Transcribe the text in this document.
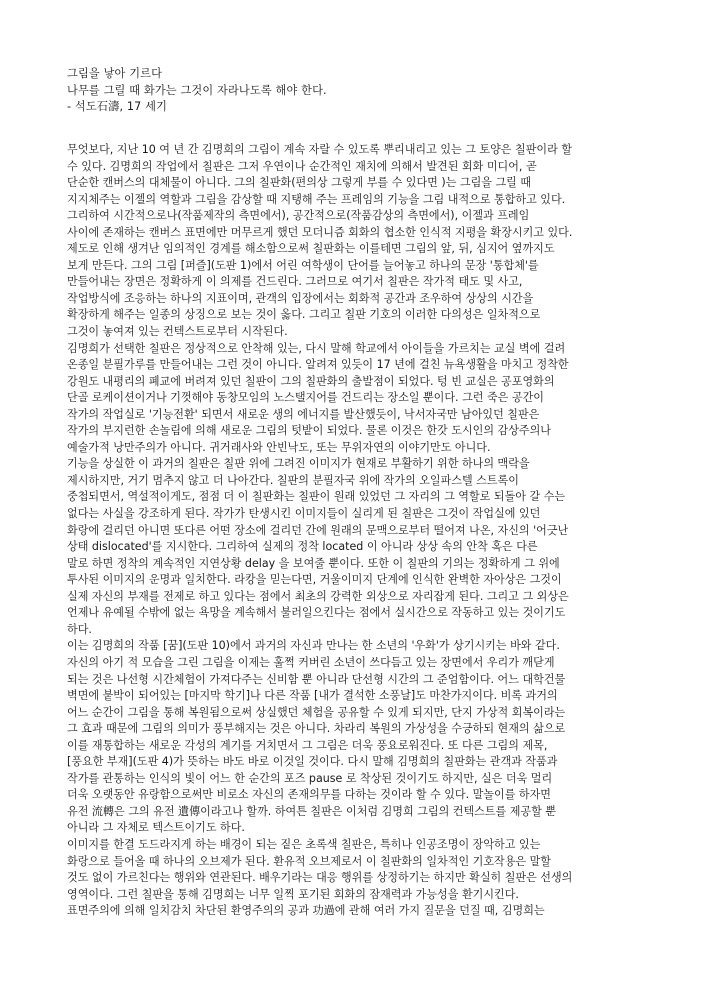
그림을 낳아 기르다
나무를 그릴 때 화가는 그것이 자라나도록 해야 한다.
- 석도石濤, 17 세기
무엇보다, 지난 10 여 년 간 김명희의 그림이 계속 자랄 수 있도록 뿌리내리고 있는 그 토양은 칠판이라 할
수 있다. 김명희의 작업에서 칠판은 그저 우연이나 순간적인 재치에 의해서 발견된 회화 미디어, 곧
단순한 캔버스의 대체물이 아니다. 그의 칠판화(편의상 그렇게 부를 수 있다면 )는 그림을 그릴 때
지지체주는 이젤의 역할과 그림을 감상할 때 지탱해 주는 프레임의 기능을 그림 내적으로 통합하고 있다.
그리하여 시간적으로나(작품제작의 측면에서), 공간적으로(작품감상의 측면에서), 이젤과 프레임
사이에 존재하는 캔버스 표면에만 머무르게 했던 모더니즘 회화의 협소한 인식적 지평을 확장시키고 있다.
제도로 인해 생겨난 임의적인 경계를 해소함으로써 칠판화는 이를테면 그림의 앞, 뒤, 심지어 옆까지도
보게 만든다. 그의 그림 [퍼즐](도판 1)에서 어린 여학생이 단어를 늘어놓고 하나의 문장 '통합체'를
만들어내는 장면은 정확하게 이 의제를 건드린다. 그러므로 여기서 칠판은 작가적 태도 및 사고,
작업방식에 조응하는 하나의 지표이며, 관객의 입장에서는 회화적 공간과 조우하여 상상의 시간을
확장하게 해주는 일종의 상징으로 보는 것이 옳다. 그리고 칠판 기호의 이러한 다의성은 일차적으로
그것이 놓여져 있는 컨텍스트로부터 시작된다.
김명희가 선택한 칠판은 정상적으로 안착해 있는, 다시 말해 학교에서 아이들을 가르치는 교실 벽에 걸려
온종일 분필가루를 만들어내는 그런 것이 아니다. 알려져 있듯이 17 년에 걸친 뉴욕생활을 마치고 정착한
강원도 내평리의 폐교에 버려져 있던 칠판이 그의 칠판화의 출발점이 되었다. 텅 빈 교실은 공포영화의
단골 로케이션이거나 기껏해야 동창모임의 노스탤지어를 건드리는 장소일 뿐이다. 그런 죽은 공간이
작가의 작업실로 '기능전환' 되면서 새로운 생의 에너지를 발산했듯이, 낙서자국만 남아있던 칠판은
작가의 부지런한 손놀림에 의해 새로운 그림의 텃밭이 되었다. 물론 이것은 한갓 도시인의 감상주의나
예술가적 낭만주의가 아니다. 귀거래사와 안빈낙도, 또는 무위자연의 이야기만도 아니다.
기능을 상실한 이 과거의 칠판은 칠판 위에 그려진 이미지가 현재로 부활하기 위한 하나의 맥락을
제시하지만, 거기 멈추지 않고 더 나아간다. 칠판의 분필자국 위에 작가의 오일파스텔 스트록이
중첩되면서, 역설적이게도, 점점 더 이 칠판화는 칠판이 원래 있었던 그 자리의 그 역할로 되돌아 갈 수는
없다는 사실을 강조하게 된다. 작가가 탄생시킨 이미지들이 실리게 된 칠판은 그것이 작업실에 있던
화랑에 걸리던 아니면 또다른 어떤 장소에 걸리던 간에 원래의 문맥으로부터 떨어져 나온, 자신의 '어긋난
상태 dislocated'를 지시한다. 그리하여 실제의 정착 located 이 아니라 상상 속의 안착 혹은 다른
말로 하면 정착의 계속적인 지연상황 delay 을 보여줄 뿐이다. 또한 이 칠판의 기의는 정확하게 그 위에
투사된 이미지의 운명과 일치한다. 라캉을 믿는다면, 거울이미지 단계에 인식한 완벽한 자아상은 그것이
실제 자신의 부재를 전제로 하고 있다는 점에서 최초의 강력한 외상으로 자리잡게 된다. 그리고 그 외상은
언제나 유예될 수밖에 없는 욕망을 계속해서 불러일으킨다는 점에서 실시간으로 작동하고 있는 것이기도
하다.
이는 김명희의 작품 [꿈](도판 10)에서 과거의 자신과 만나는 한 소년의 '우화'가 상기시키는 바와 같다.
자신의 아기 적 모습을 그린 그림을 이제는 훌쩍 커버린 소년이 쓰다듬고 있는 장면에서 우리가 깨닫게
되는 것은 나선형 시간체험이 가져다주는 신비함 뿐 아니라 단선형 시간의 그 준엄함이다. 어느 대학건물
벽면에 붙박이 되어있는 [마지막 학기]나 다른 작품 [내가 결석한 소풍날]도 마찬가지이다. 비록 과거의
어느 순간이 그림을 통해 복원됨으로써 상실했던 체험을 공유할 수 있게 되지만, 단지 가상적 회복이라는
그 효과 때문에 그림의 의미가 풍부해지는 것은 아니다. 차라리 복원의 가상성을 수긍하되 현재의 삶으로
이를 재통합하는 새로운 각성의 계기를 거치면서 그 그림은 더욱 풍요로워진다. 또 다른 그림의 제목,
[풍요한 부재](도판 4)가 뜻하는 바도 바로 이것일 것이다. 다시 말해 김명희의 칠판화는 관객과 작품과
작가를 관통하는 인식의 빛이 어느 한 순간의 포즈 pause 로 착상된 것이기도 하지만, 실은 더욱 멀리
더욱 오랫동안 유랑함으로써만 비로소 자신의 존재의무를 다하는 것이라 할 수 있다. 말놀이를 하자면
유전 流轉은 그의 유전 遺傳이라고나 할까. 하여튼 칠판은 이처럼 김명희 그림의 컨텍스트를 제공할 뿐
아니라 그 자체로 텍스트이기도 하다.
이미지를 한결 도드라지게 하는 배경이 되는 짙은 초록색 칠판은, 특히나 인공조명이 장악하고 있는
화랑으로 들어올 때 하나의 오브제가 된다. 환유적 오브제로서 이 칠판화의 일차적인 기호작용은 말할
것도 없이 가르친다는 행위와 연관된다. 배우기라는 대응 행위를 상정하기는 하지만 확실히 칠판은 선생의
영역이다. 그런 칠판을 통해 김명희는 너무 일찍 포기된 회화의 잠재력과 가능성을 환기시킨다.
표면주의에 의해 일치감치 차단된 환영주의의 공과 功過에 관해 여러 가지 질문을 던질 때, 김명희는
